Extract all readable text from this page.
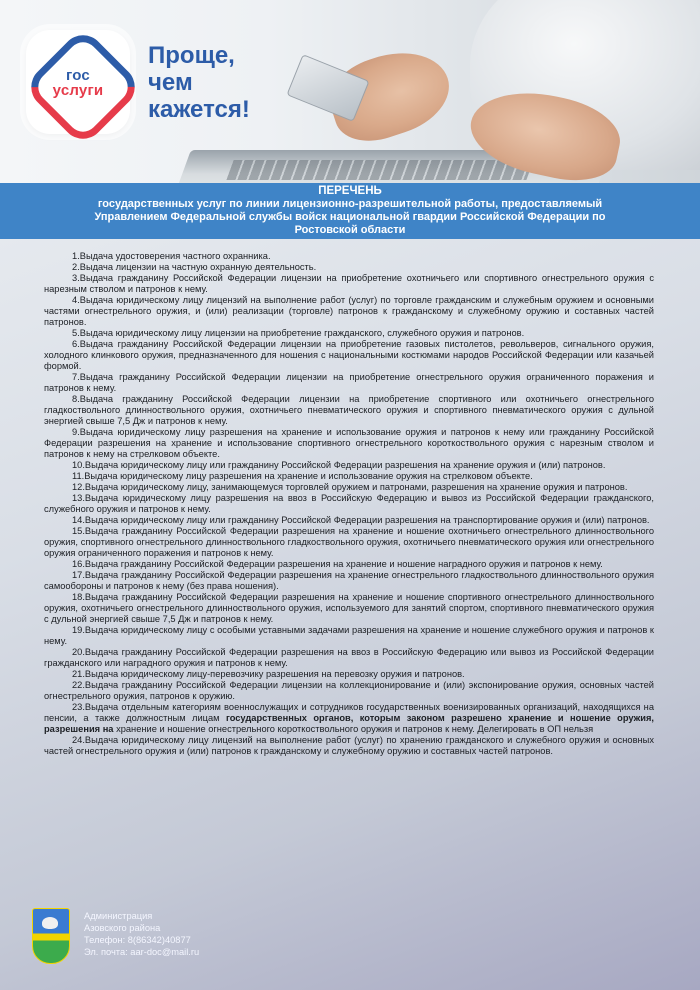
гос
услуги
Проще,
чем
кажется!
ПЕРЕЧЕНЬ
государственных услуг по линии лицензионно-разрешительной работы, предоставляемый
Управлением Федеральной службы войск национальной гвардии Российской Федерации по
Ростовской области

1.Выдача удостоверения частного охранника.

2.Выдача лицензии на частную охранную деятельность.

3.Выдача гражданину Российской Федерации лицензии на приобретение охотничьего или спортивного огнестрельного оружия с нарезным стволом и патронов к нему.

4.Выдача юридическому лицу лицензий на выполнение работ (услуг) по торговле гражданским и служебным оружием и основными частями огнестрельного оружия, и (или) реализации (торговле) патронов к гражданскому и служебному оружию и составных частей патронов.

5.Выдача юридическому лицу лицензии на приобретение гражданского, служебного оружия и патронов.

6.Выдача гражданину Российской Федерации лицензии на приобретение газовых пистолетов, револьверов, сигнального оружия, холодного клинкового оружия, предназначенного для ношения с национальными костюмами народов Российской Федерации или казачьей формой.

7.Выдача гражданину Российской Федерации лицензии на приобретение огнестрельного оружия ограниченного поражения и патронов к нему.

8.Выдача гражданину Российской Федерации лицензии на приобретение спортивного или охотничьего огнестрельного гладкоствольного длинноствольного оружия, охотничьего пневматического оружия и спортивного пневматического оружия с дульной энергией свыше 7,5 Дж и патронов к нему.

9.Выдача юридическому лицу разрешения на хранение и использование оружия и патронов к нему или гражданину Российской Федерации разрешения на хранение и использование спортивного огнестрельного короткоствольного оружия с нарезным стволом и патронов к нему на стрелковом объекте.

10.Выдача юридическому лицу или гражданину Российской Федерации разрешения на хранение оружия и (или) патронов.

11.Выдача юридическому лицу разрешения на хранение и использование оружия на стрелковом объекте.

12.Выдача юридическому лицу, занимающемуся торговлей оружием и патронами, разрешения на хранение оружия и патронов.

13.Выдача юридическому лицу разрешения на ввоз в Российскую Федерацию и вывоз из Российской Федерации гражданского, служебного оружия и патронов к нему.

14.Выдача юридическому лицу или гражданину Российской Федерации разрешения на транспортирование оружия и (или) патронов.

15.Выдача гражданину Российской Федерации разрешения на хранение и ношение охотничьего огнестрельного длинноствольного оружия, спортивного огнестрельного длинноствольного гладкоствольного оружия, охотничьего пневматического оружия или огнестрельного оружия ограниченного поражения и патронов к нему.

16.Выдача гражданину Российской Федерации разрешения на хранение и ношение наградного оружия и патронов к нему.

17.Выдача гражданину Российской Федерации разрешения на хранение огнестрельного гладкоствольного длинноствольного оружия самообороны и патронов к нему (без права ношения).

18.Выдача гражданину Российской Федерации разрешения на хранение и ношение спортивного огнестрельного длинноствольного оружия, охотничьего огнестрельного длинноствольного оружия, используемого для занятий спортом, спортивного пневматического оружия с дульной энергией свыше 7,5 Дж и патронов к нему.

19.Выдача юридическому лицу с особыми уставными задачами разрешения на хранение и ношение служебного оружия и патронов к нему.

20.Выдача гражданину Российской Федерации разрешения на ввоз в Российскую Федерацию или вывоз из Российской Федерации гражданского или наградного оружия и патронов к нему.

21.Выдача юридическому лицу-перевозчику разрешения на перевозку оружия и патронов.

22.Выдача гражданину Российской Федерации лицензии на коллекционирование и (или) экспонирование оружия, основных частей огнестрельного оружия, патронов к оружию.

23.Выдача отдельным категориям военнослужащих и сотрудников государственных военизированных организаций, находящихся на пенсии, а также должностным лицам государственных органов, которым законом разрешено хранение и ношение оружия, разрешения на хранение и ношение огнестрельного короткоствольного оружия и патронов к нему. Делегировать в ОП нельзя

24.Выдача юридическому лицу лицензий на выполнение работ (услуг) по хранению гражданского и служебного оружия и основных частей огнестрельного оружия и (или) патронов к гражданскому и служебному оружию и составных частей патронов.

Администрация
Азовского района
Телефон: 8(86342)40877
Эл. почта: aar-doc@mail.ru
